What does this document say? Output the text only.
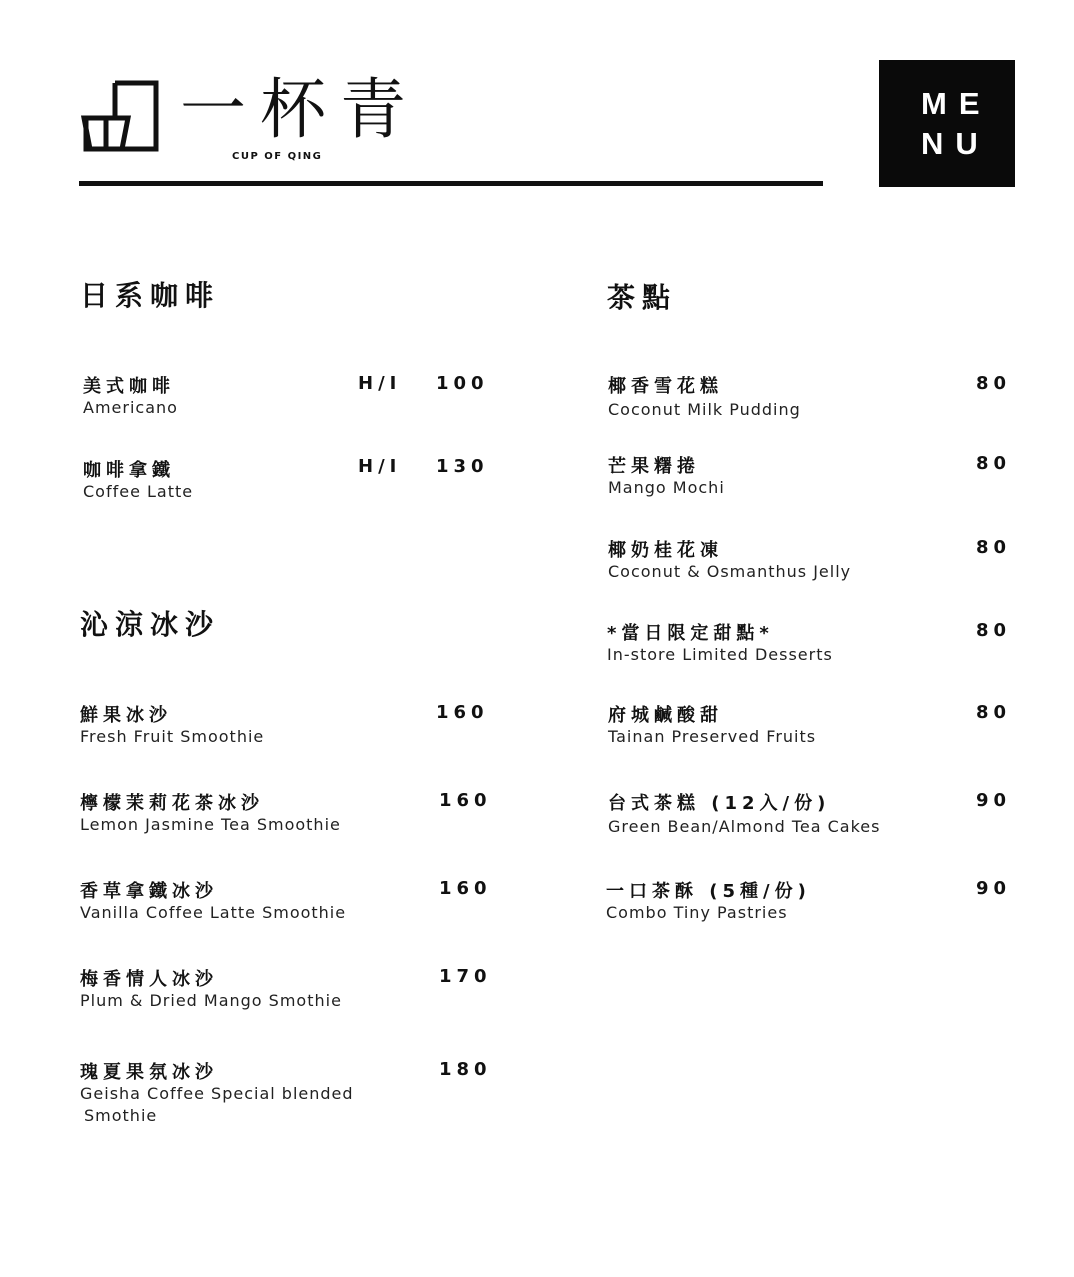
一杯青
CUP OF QING
ME
NU
日系咖啡
美式咖啡
Americano
H/I 100
咖啡拿鐵
Coffee Latte
H/I 130
沁涼冰沙
鮮果冰沙
Fresh Fruit Smoothie
160
檸檬茉莉花茶冰沙
Lemon Jasmine Tea Smoothie
160
香草拿鐵冰沙
Vanilla Coffee Latte Smoothie
160
梅香情人冰沙
Plum & Dried Mango Smothie
170
瑰夏果氛冰沙
Geisha Coffee Special blended
Smothie
180
茶點
椰香雪花糕
Coconut Milk Pudding
80
芒果糬捲
Mango Mochi
80
椰奶桂花凍
Coconut & Osmanthus Jelly
80
*當日限定甜點*
In-store Limited Desserts
80
府城鹹酸甜
Tainan Preserved Fruits
80
台式茶糕 (12入/份)
Green Bean/Almond Tea Cakes
90
一口茶酥 (5種/份)
Combo Tiny Pastries
90
